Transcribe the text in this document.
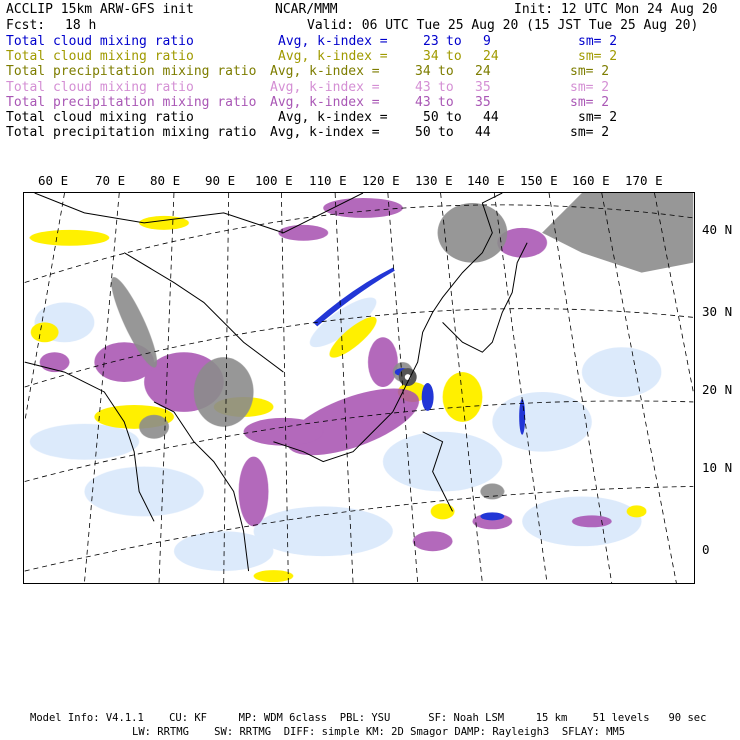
ACCLIP 15km ARW-GFS init	NCAR/MMM	Init: 12 UTC Mon 24 Aug 20
Fcst: 18 h	Valid: 06 UTC Tue 25 Aug 20 (15 JST Tue 25 Aug 20)
Total cloud mixing ratio	Avg, k-index =	23 to 9	sm= 2
Total cloud mixing ratio	Avg, k-index =	34 to 24	sm= 2
Total precipitation mixing ratio Avg, k-index =	34 to 24	sm= 2
Total cloud mixing ratio	Avg, k-index =	43 to 35	sm= 2
Total precipitation mixing ratio Avg, k-index =	43 to 35	sm= 2
Total cloud mixing ratio	Avg, k-index =	50 to 44	sm= 2
Total precipitation mixing ratio Avg, k-index =	50 to 44	sm= 2
60 E 70 E 80 E 90 E 100 E 110 E 120 E 130 E 140 E 150 E 160 E 170 E
40 N
30 N
20 N
10 N
0
Model Info: V4.1.1    CU: KF     MP: WDM 6class  PBL: YSU      SF: Noah LSM     15 km    51 levels   90 sec
LW: RRTMG    SW: RRTMG  DIFF: simple KM: 2D Smagor DAMP: Rayleigh3  SFLAY: MM5
